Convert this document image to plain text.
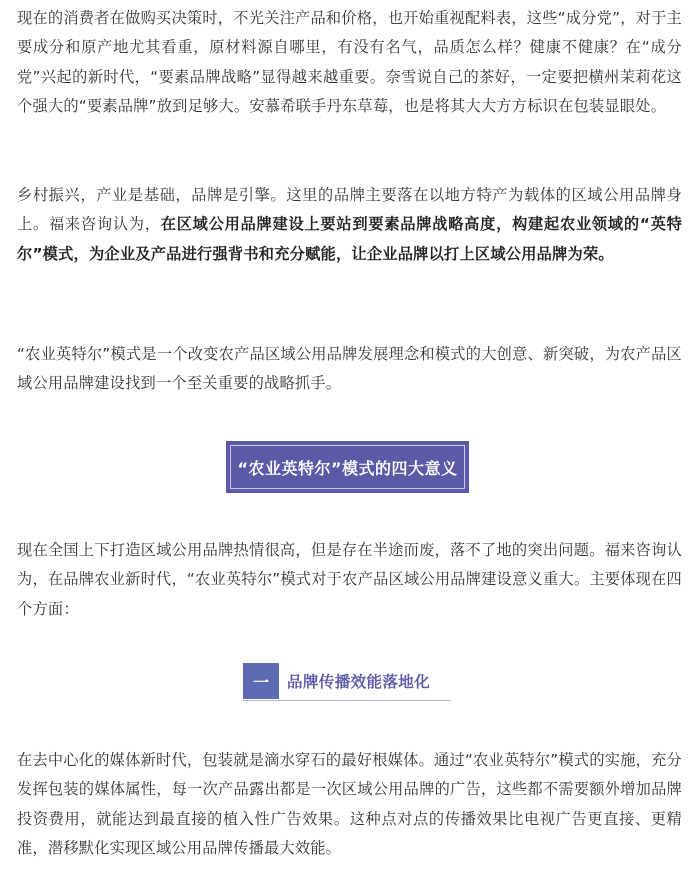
现在的消费者在做购买决策时，不光关注产品和价格，也开始重视配料表，这些“成分党”，对于主要成分和原产地尤其看重，原材料源自哪里，有没有名气，品质怎么样？健康不健康？在“成分党”兴起的新时代，“要素品牌战略”显得越来越重要。奈雪说自己的茶好，一定要把横州茉莉花这个强大的“要素品牌”放到足够大。安慕希联手丹东草莓，也是将其大大方方标识在包装显眼处。

乡村振兴，产业是基础，品牌是引擎。这里的品牌主要落在以地方特产为载体的区域公用品牌身上。福来咨询认为，在区域公用品牌建设上要站到要素品牌战略高度，构建起农业领域的“英特尔”模式，为企业及产品进行强背书和充分赋能，让企业品牌以打上区域公用品牌为荣。

“农业英特尔”模式是一个改变农产品区域公用品牌发展理念和模式的大创意、新突破，为农产品区域公用品牌建设找到一个至关重要的战略抓手。

“农业英特尔”模式的四大意义

现在全国上下打造区域公用品牌热情很高，但是存在半途而废，落不了地的突出问题。福来咨询认为，在品牌农业新时代，“农业英特尔”模式对于农产品区域公用品牌建设意义重大。主要体现在四个方面：

一	品牌传播效能落地化

在去中心化的媒体新时代，包装就是滴水穿石的最好根媒体。通过“农业英特尔”模式的实施，充分发挥包装的媒体属性，每一次产品露出都是一次区域公用品牌的广告，这些都不需要额外增加品牌投资费用，就能达到最直接的植入性广告效果。这种点对点的传播效果比电视广告更直接、更精准，潜移默化实现区域公用品牌传播最大效能。
